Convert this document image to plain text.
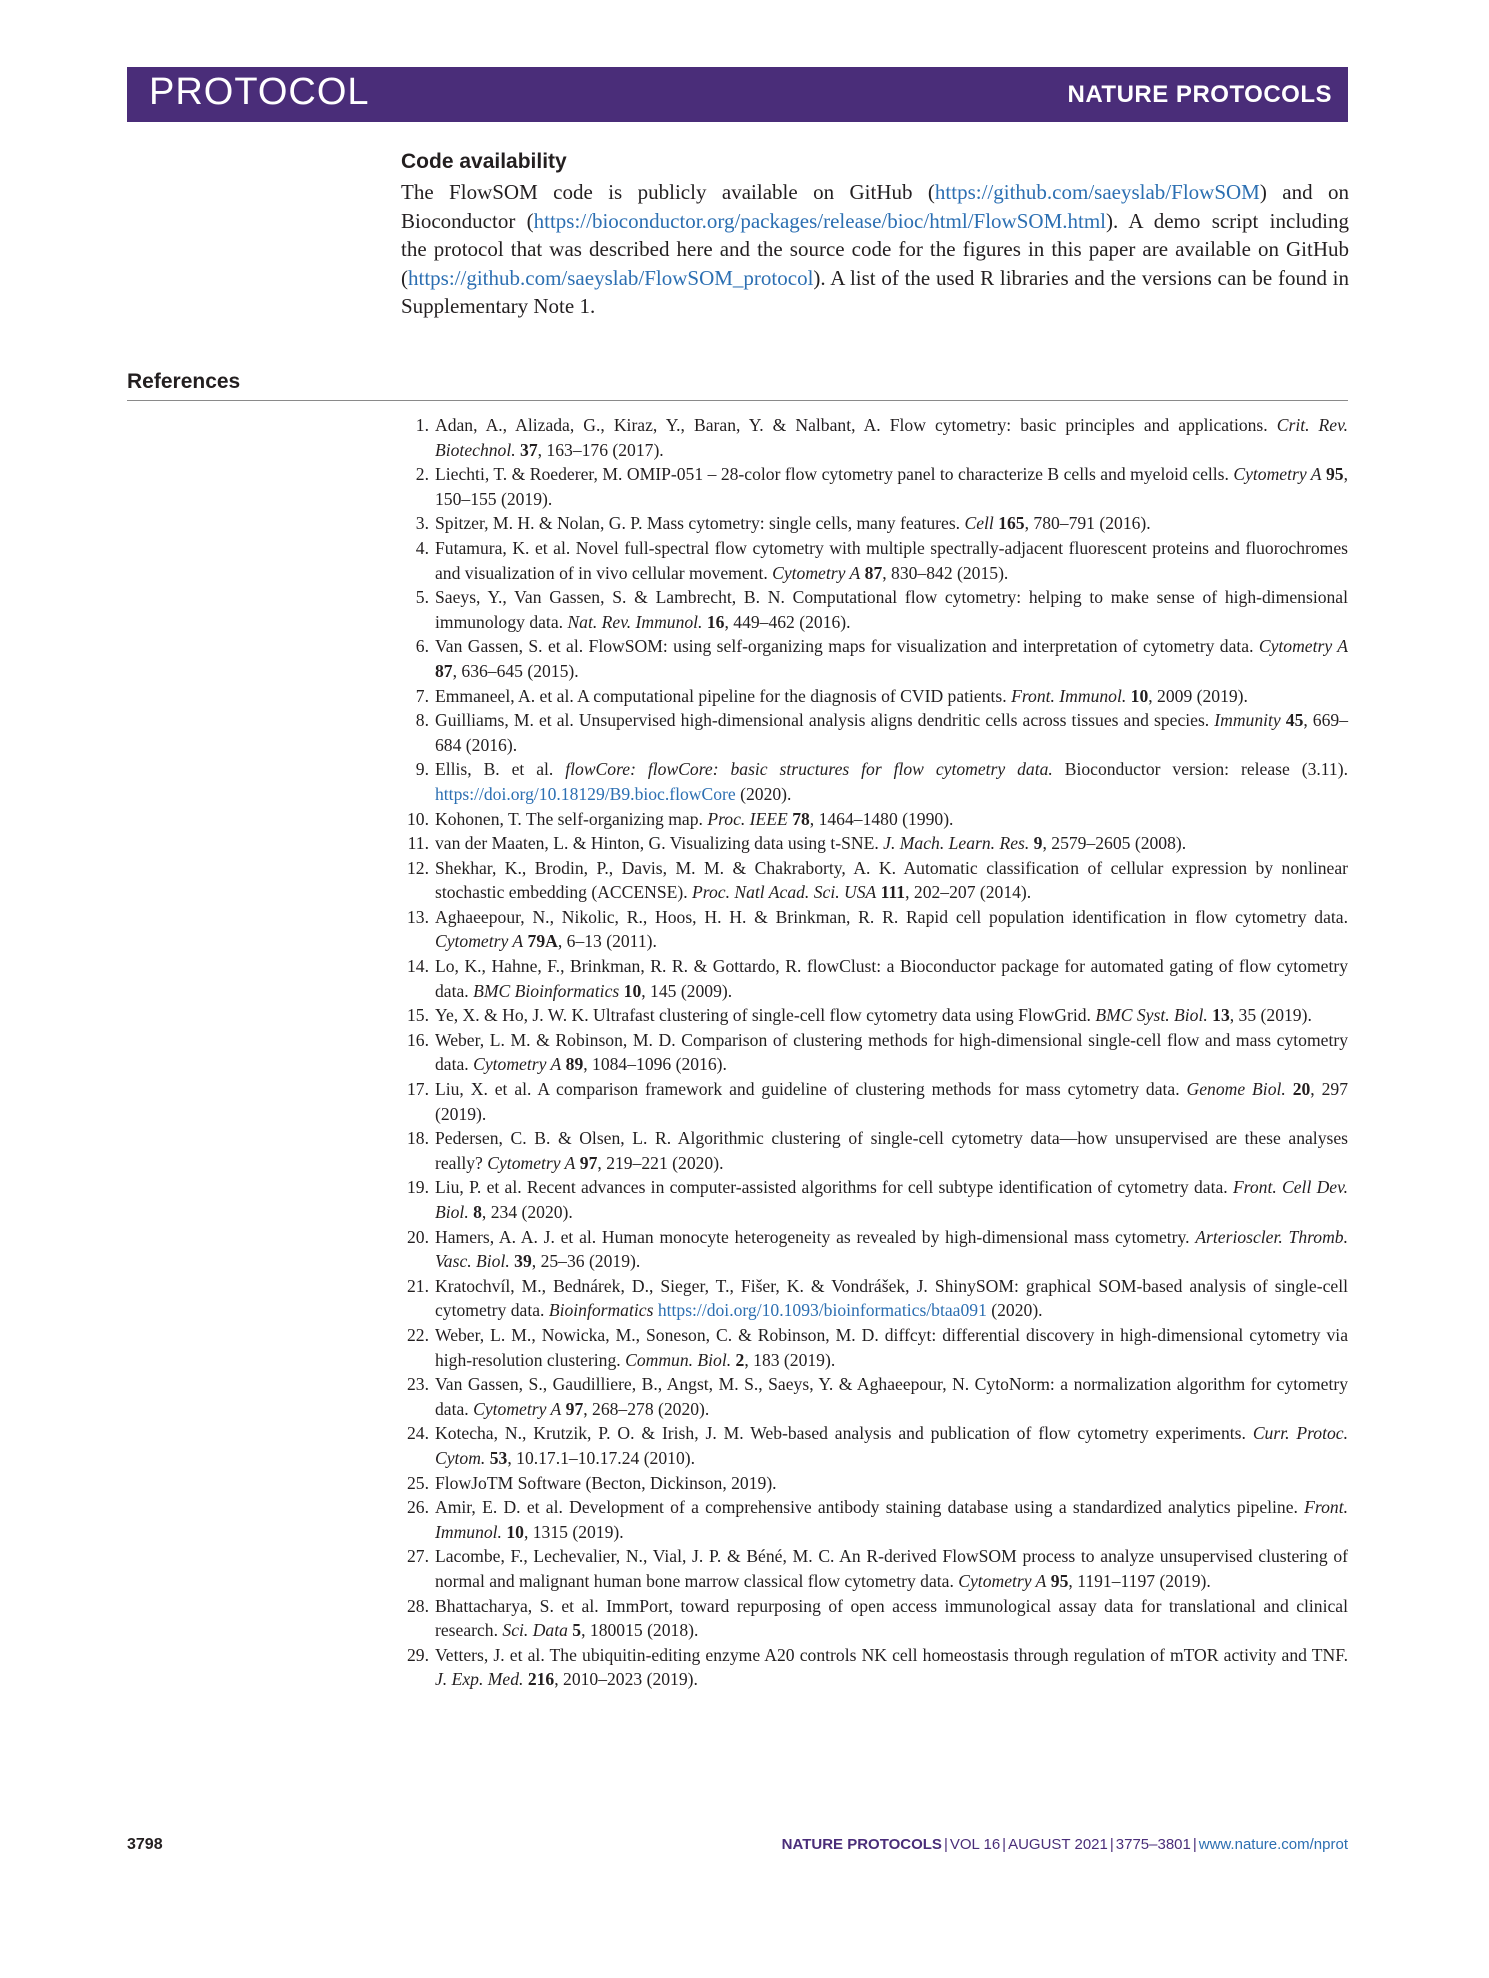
PROTOCOL	NATURE PROTOCOLS
Code availability

The FlowSOM code is publicly available on GitHub (https://github.com/saeyslab/FlowSOM) and on Bioconductor (https://bioconductor.org/packages/release/bioc/html/FlowSOM.html). A demo script including the protocol that was described here and the source code for the figures in this paper are available on GitHub (https://github.com/saeyslab/FlowSOM_protocol). A list of the used R libraries and the versions can be found in Supplementary Note 1.

References
1. Adan, A., Alizada, G., Kiraz, Y., Baran, Y. & Nalbant, A. Flow cytometry: basic principles and applications. Crit. Rev. Biotechnol. 37, 163–176 (2017).
2. Liechti, T. & Roederer, M. OMIP-051 – 28-color flow cytometry panel to characterize B cells and myeloid cells. Cytometry A 95, 150–155 (2019).
3. Spitzer, M. H. & Nolan, G. P. Mass cytometry: single cells, many features. Cell 165, 780–791 (2016).
4. Futamura, K. et al. Novel full-spectral flow cytometry with multiple spectrally-adjacent fluorescent proteins and fluorochromes and visualization of in vivo cellular movement. Cytometry A 87, 830–842 (2015).
5. Saeys, Y., Van Gassen, S. & Lambrecht, B. N. Computational flow cytometry: helping to make sense of high-dimensional immunology data. Nat. Rev. Immunol. 16, 449–462 (2016).
6. Van Gassen, S. et al. FlowSOM: using self-organizing maps for visualization and interpretation of cytometry data. Cytometry A 87, 636–645 (2015).
7. Emmaneel, A. et al. A computational pipeline for the diagnosis of CVID patients. Front. Immunol. 10, 2009 (2019).
8. Guilliams, M. et al. Unsupervised high-dimensional analysis aligns dendritic cells across tissues and species. Immunity 45, 669–684 (2016).
9. Ellis, B. et al. flowCore: flowCore: basic structures for flow cytometry data. Bioconductor version: release (3.11). https://doi.org/10.18129/B9.bioc.flowCore (2020).
10. Kohonen, T. The self-organizing map. Proc. IEEE 78, 1464–1480 (1990).
11. van der Maaten, L. & Hinton, G. Visualizing data using t-SNE. J. Mach. Learn. Res. 9, 2579–2605 (2008).
12. Shekhar, K., Brodin, P., Davis, M. M. & Chakraborty, A. K. Automatic classification of cellular expression by nonlinear stochastic embedding (ACCENSE). Proc. Natl Acad. Sci. USA 111, 202–207 (2014).
13. Aghaeepour, N., Nikolic, R., Hoos, H. H. & Brinkman, R. R. Rapid cell population identification in flow cytometry data. Cytometry A 79A, 6–13 (2011).
14. Lo, K., Hahne, F., Brinkman, R. R. & Gottardo, R. flowClust: a Bioconductor package for automated gating of flow cytometry data. BMC Bioinformatics 10, 145 (2009).
15. Ye, X. & Ho, J. W. K. Ultrafast clustering of single-cell flow cytometry data using FlowGrid. BMC Syst. Biol. 13, 35 (2019).
16. Weber, L. M. & Robinson, M. D. Comparison of clustering methods for high-dimensional single-cell flow and mass cytometry data. Cytometry A 89, 1084–1096 (2016).
17. Liu, X. et al. A comparison framework and guideline of clustering methods for mass cytometry data. Genome Biol. 20, 297 (2019).
18. Pedersen, C. B. & Olsen, L. R. Algorithmic clustering of single-cell cytometry data—how unsupervised are these analyses really? Cytometry A 97, 219–221 (2020).
19. Liu, P. et al. Recent advances in computer-assisted algorithms for cell subtype identification of cytometry data. Front. Cell Dev. Biol. 8, 234 (2020).
20. Hamers, A. A. J. et al. Human monocyte heterogeneity as revealed by high-dimensional mass cytometry. Arterioscler. Thromb. Vasc. Biol. 39, 25–36 (2019).
21. Kratochvíl, M., Bednárek, D., Sieger, T., Fišer, K. & Vondrášek, J. ShinySOM: graphical SOM-based analysis of single-cell cytometry data. Bioinformatics https://doi.org/10.1093/bioinformatics/btaa091 (2020).
22. Weber, L. M., Nowicka, M., Soneson, C. & Robinson, M. D. diffcyt: differential discovery in high-dimensional cytometry via high-resolution clustering. Commun. Biol. 2, 183 (2019).
23. Van Gassen, S., Gaudilliere, B., Angst, M. S., Saeys, Y. & Aghaeepour, N. CytoNorm: a normalization algorithm for cytometry data. Cytometry A 97, 268–278 (2020).
24. Kotecha, N., Krutzik, P. O. & Irish, J. M. Web-based analysis and publication of flow cytometry experiments. Curr. Protoc. Cytom. 53, 10.17.1–10.17.24 (2010).
25. FlowJoTM Software (Becton, Dickinson, 2019).
26. Amir, E. D. et al. Development of a comprehensive antibody staining database using a standardized analytics pipeline. Front. Immunol. 10, 1315 (2019).
27. Lacombe, F., Lechevalier, N., Vial, J. P. & Béné, M. C. An R-derived FlowSOM process to analyze unsupervised clustering of normal and malignant human bone marrow classical flow cytometry data. Cytometry A 95, 1191–1197 (2019).
28. Bhattacharya, S. et al. ImmPort, toward repurposing of open access immunological assay data for translational and clinical research. Sci. Data 5, 180015 (2018).
29. Vetters, J. et al. The ubiquitin-editing enzyme A20 controls NK cell homeostasis through regulation of mTOR activity and TNF. J. Exp. Med. 216, 2010–2023 (2019).
3798	NATURE PROTOCOLS | VOL 16 | AUGUST 2021 | 3775–3801 | www.nature.com/nprot
